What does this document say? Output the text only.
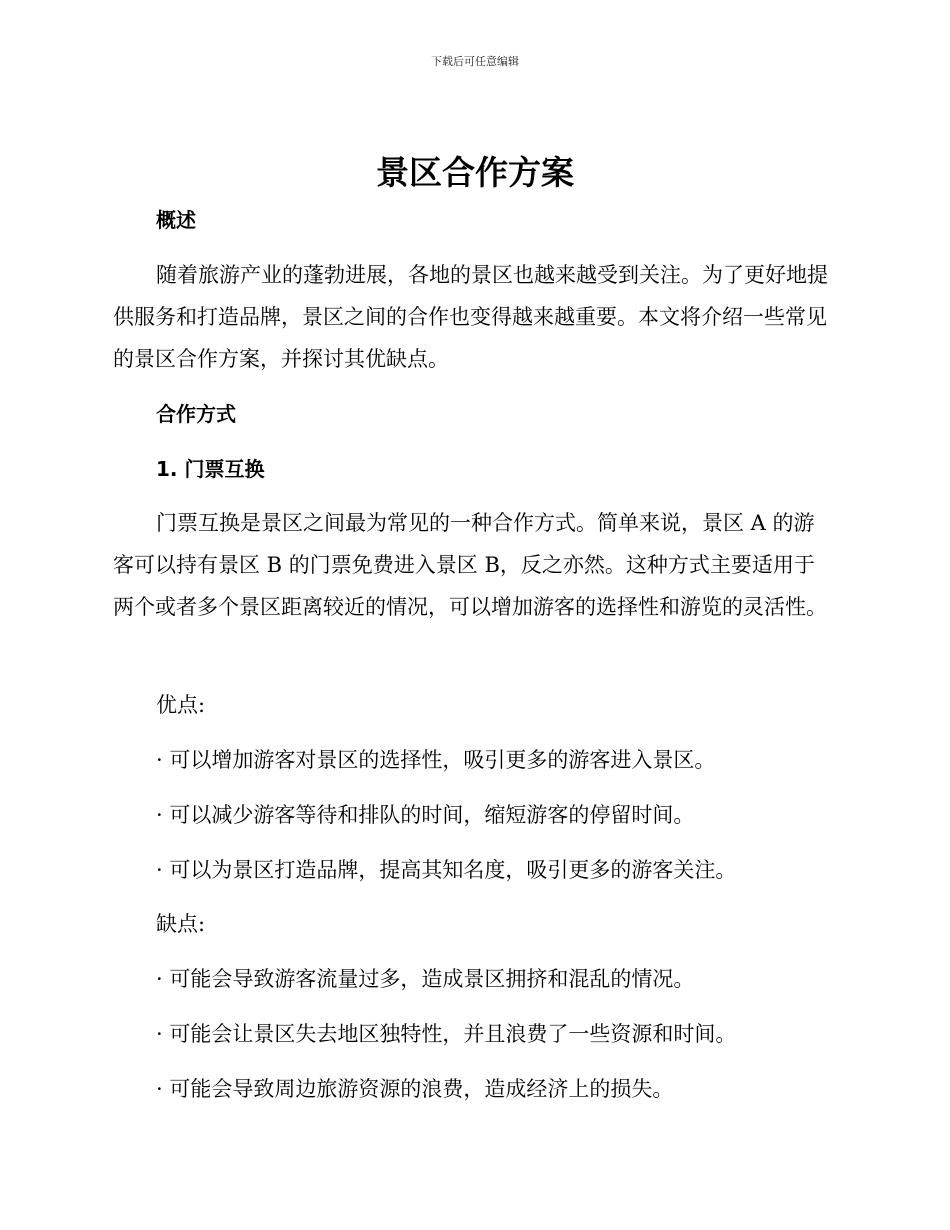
下载后可任意编辑
景区合作方案
概述

随着旅游产业的蓬勃进展，各地的景区也越来越受到关注。为了更好地提供服务和打造品牌，景区之间的合作也变得越来越重要。本文将介绍一些常见的景区合作方案，并探讨其优缺点。

合作方式
1. 门票互换

门票互换是景区之间最为常见的一种合作方式。简单来说，景区 A 的游客可以持有景区 B 的门票免费进入景区 B，反之亦然。这种方式主要适用于两个或者多个景区距离较近的情况，可以增加游客的选择性和游览的灵活性。

优点:
· 可以增加游客对景区的选择性，吸引更多的游客进入景区。
· 可以减少游客等待和排队的时间，缩短游客的停留时间。
· 可以为景区打造品牌，提高其知名度，吸引更多的游客关注。
缺点:
· 可能会导致游客流量过多，造成景区拥挤和混乱的情况。
· 可能会让景区失去地区独特性，并且浪费了一些资源和时间。
· 可能会导致周边旅游资源的浪费，造成经济上的损失。
